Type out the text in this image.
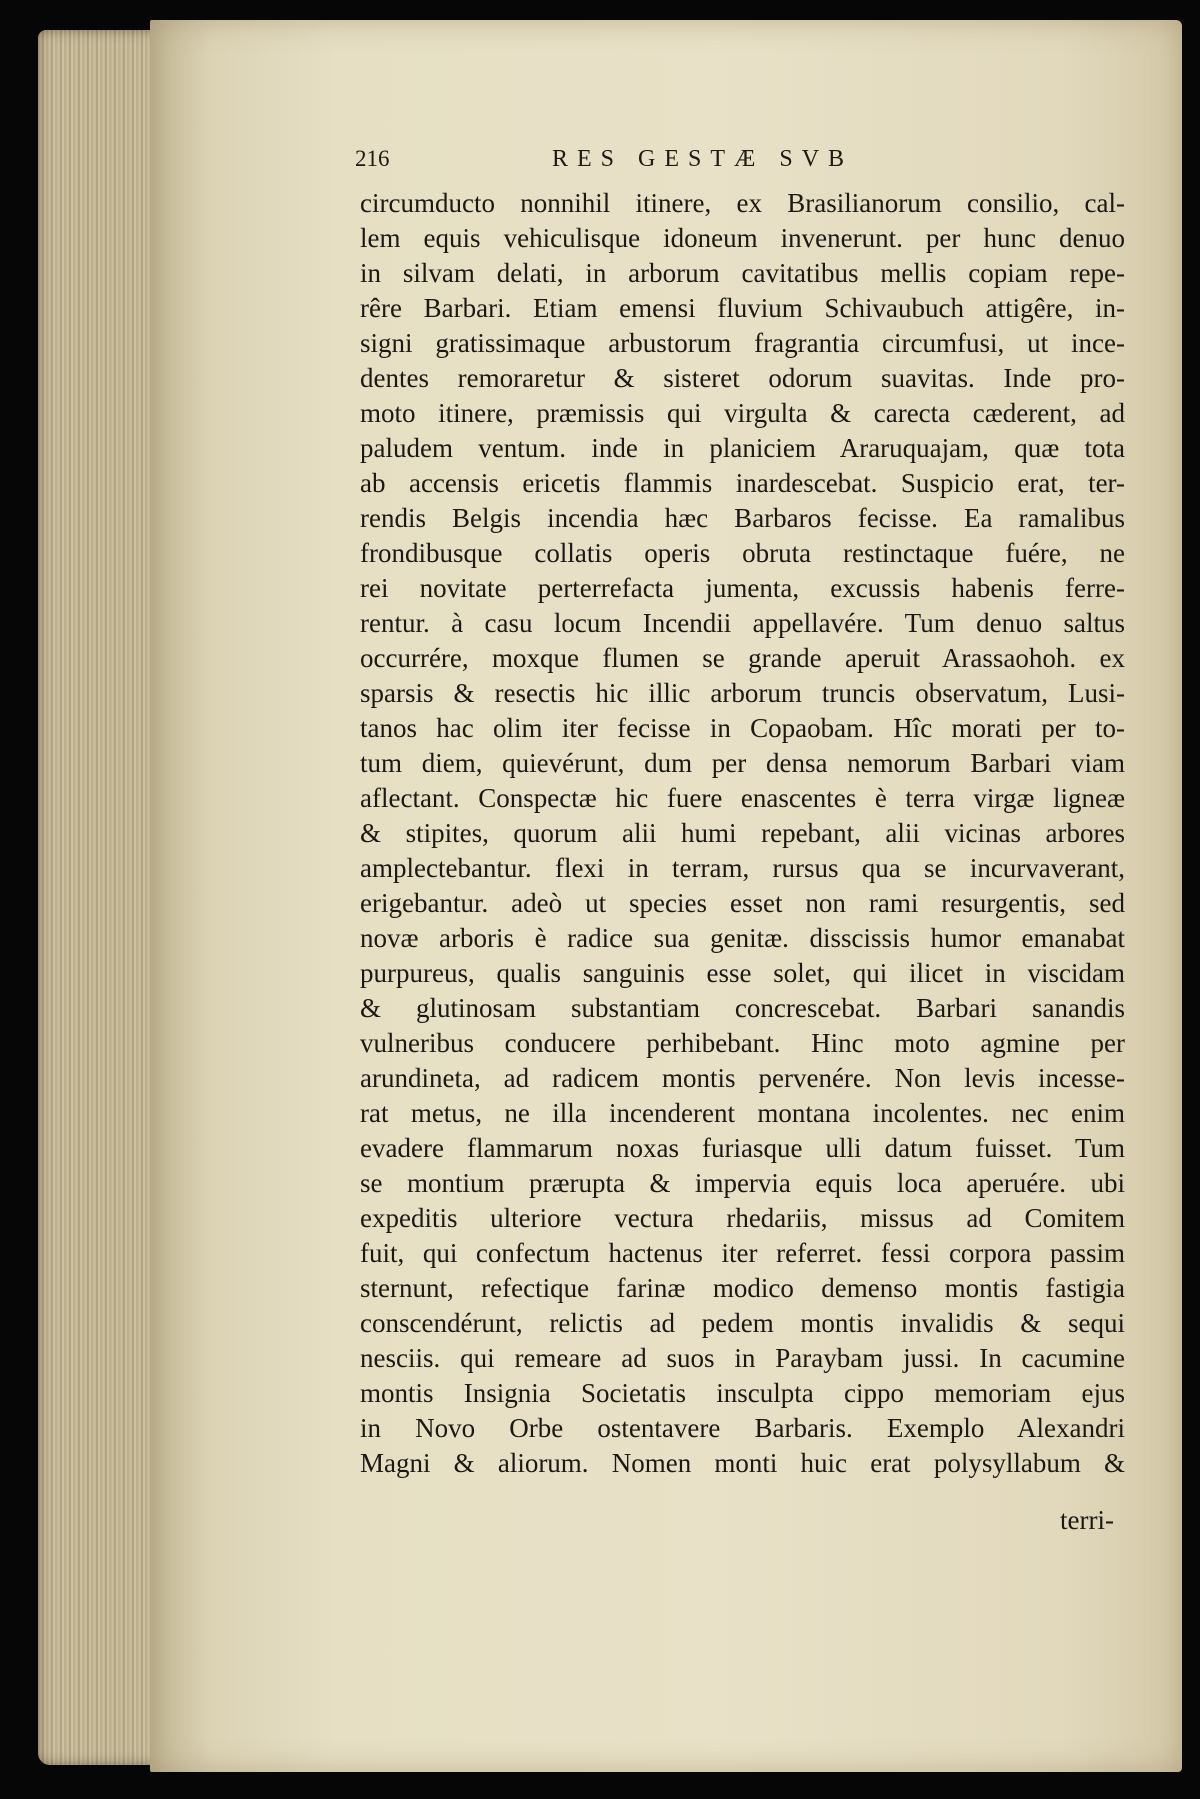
216	RES GESTÆ SVB
circumducto nonnihil itinere, ex Brasilianorum consilio, cal-
lem equis vehiculisque idoneum invenerunt. per hunc denuo
in silvam delati, in arborum cavitatibus mellis copiam repe-
rêre Barbari. Etiam emensi fluvium Schivaubuch attigêre, in-
signi gratissimaque arbustorum fragrantia circumfusi, ut ince-
dentes remoraretur & sisteret odorum suavitas. Inde pro-
moto itinere, præmissis qui virgulta & carecta cæderent, ad
paludem ventum. inde in planiciem Araruquajam, quæ tota
ab accensis ericetis flammis inardescebat. Suspicio erat, ter-
rendis Belgis incendia hæc Barbaros fecisse. Ea ramalibus
frondibusque collatis operis obruta restinctaque fuére, ne
rei novitate perterrefacta jumenta, excussis habenis ferre-
rentur. à casu locum Incendii appellavére. Tum denuo saltus
occurrére, moxque flumen se grande aperuit Arassaohoh. ex
sparsis & resectis hic illic arborum truncis observatum, Lusi-
tanos hac olim iter fecisse in Copaobam. Hîc morati per to-
tum diem, quievérunt, dum per densa nemorum Barbari viam
aflectant. Conspectæ hic fuere enascentes è terra virgæ ligneæ
& stipites, quorum alii humi repebant, alii vicinas arbores
amplectebantur. flexi in terram, rursus qua se incurvaverant,
erigebantur. adeò ut species esset non rami resurgentis, sed
novæ arboris è radice sua genitæ. disscissis humor emanabat
purpureus, qualis sanguinis esse solet, qui ilicet in viscidam
& glutinosam substantiam concrescebat. Barbari sanandis
vulneribus conducere perhibebant. Hinc moto agmine per
arundineta, ad radicem montis pervenére. Non levis incesse-
rat metus, ne illa incenderent montana incolentes. nec enim
evadere flammarum noxas furiasque ulli datum fuisset. Tum
se montium prærupta & impervia equis loca aperuére. ubi
expeditis ulteriore vectura rhedariis, missus ad Comitem
fuit, qui confectum hactenus iter referret. fessi corpora passim
sternunt, refectique farinæ modico demenso montis fastigia
conscendérunt, relictis ad pedem montis invalidis & sequi
nesciis. qui remeare ad suos in Paraybam jussi. In cacumine
montis Insignia Societatis insculpta cippo memoriam ejus
in Novo Orbe ostentavere Barbaris. Exemplo Alexandri
Magni & aliorum. Nomen monti huic erat polysyllabum &
terri-
